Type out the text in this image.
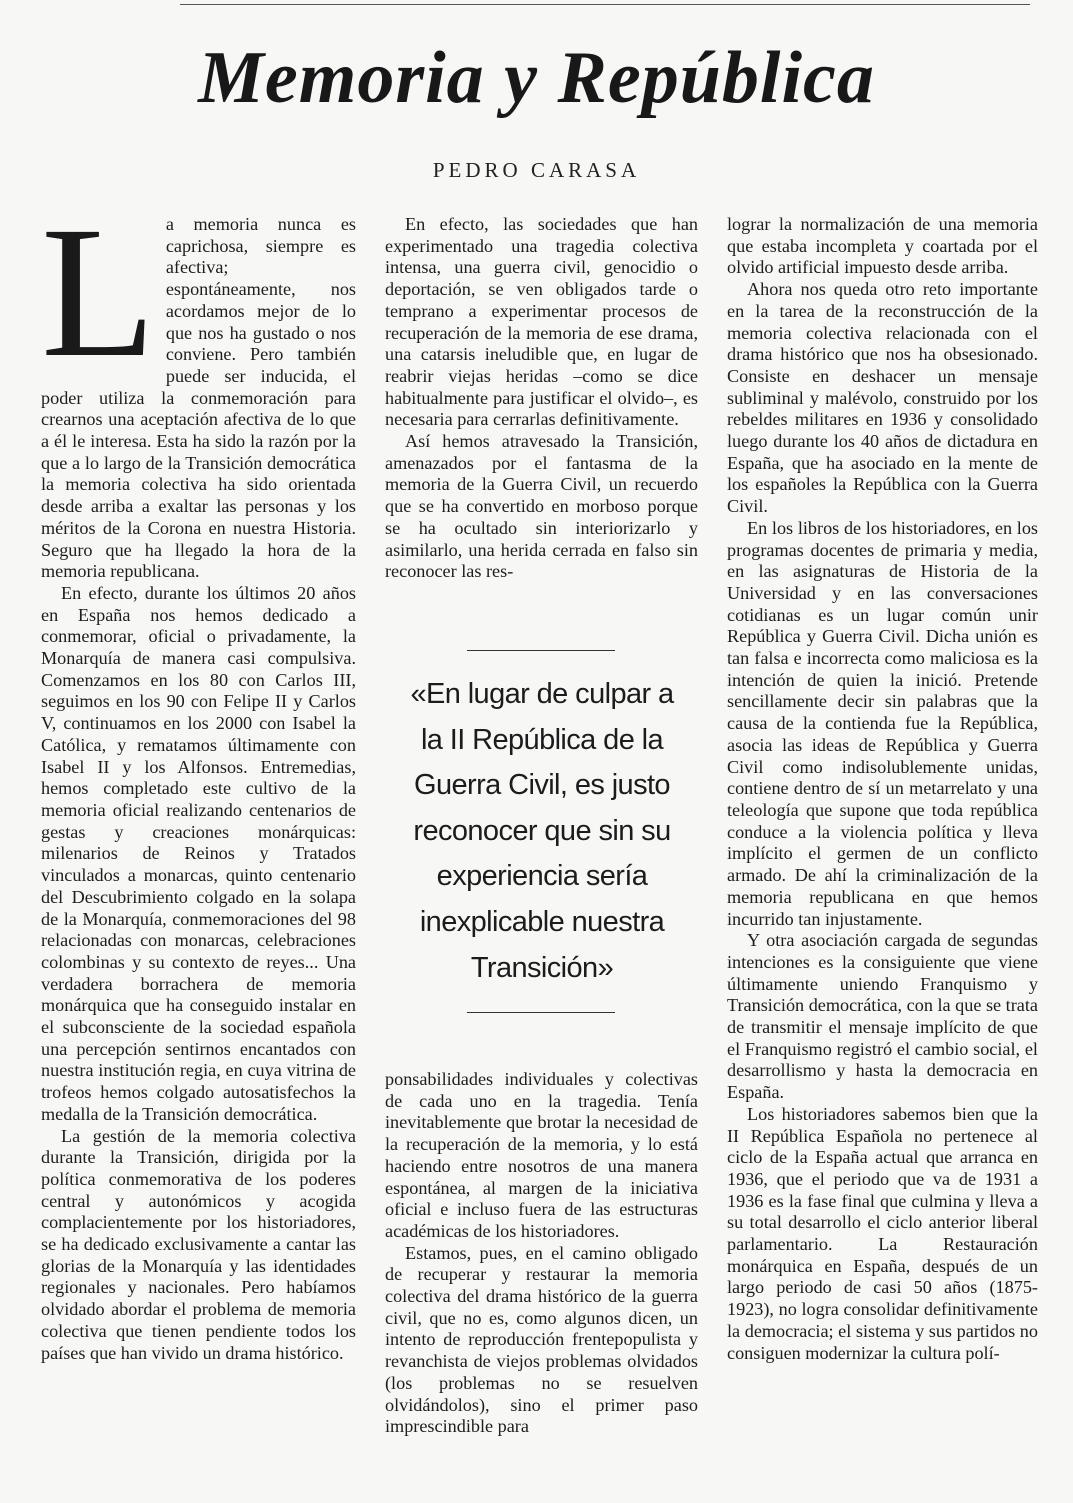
Memoria y República
PEDRO CARASA

La memoria nunca es caprichosa, siempre es afectiva; espontáneamente, nos acordamos mejor de lo que nos ha gustado o nos conviene. Pero también puede ser inducida, el poder utiliza la conmemoración para crearnos una aceptación afectiva de lo que a él le interesa. Esta ha sido la razón por la que a lo largo de la Transición democrática la memoria colectiva ha sido orientada desde arriba a exaltar las personas y los méritos de la Corona en nuestra Historia. Seguro que ha llegado la hora de la memoria republicana.

En efecto, durante los últimos 20 años en España nos hemos dedicado a conmemorar, oficial o privadamente, la Monarquía de manera casi compulsiva. Comenzamos en los 80 con Carlos III, seguimos en los 90 con Felipe II y Carlos V, continuamos en los 2000 con Isabel la Católica, y rematamos últimamente con Isabel II y los Alfonsos. Entremedias, hemos completado este cultivo de la memoria oficial realizando centenarios de gestas y creaciones monárquicas: milenarios de Reinos y Tratados vinculados a monarcas, quinto centenario del Descubrimiento colgado en la solapa de la Monarquía, conmemoraciones del 98 relacionadas con monarcas, celebraciones colombinas y su contexto de reyes... Una verdadera borrachera de memoria monárquica que ha conseguido instalar en el subconsciente de la sociedad española una percepción sentirnos encantados con nuestra institución regia, en cuya vitrina de trofeos hemos colgado autosatisfechos la medalla de la Transición democrática.

La gestión de la memoria colectiva durante la Transición, dirigida por la política conmemorativa de los poderes central y autonómicos y acogida complacientemente por los historiadores, se ha dedicado exclusivamente a cantar las glorias de la Monarquía y las identidades regionales y nacionales. Pero habíamos olvidado abordar el problema de memoria colectiva que tienen pendiente todos los países que han vivido un drama histórico.

En efecto, las sociedades que han experimentado una tragedia colectiva intensa, una guerra civil, genocidio o deportación, se ven obligados tarde o temprano a experimentar procesos de recuperación de la memoria de ese drama, una catarsis ineludible que, en lugar de reabrir viejas heridas –como se dice habitualmente para justificar el olvido–, es necesaria para cerrarlas definitivamente.

Así hemos atravesado la Transición, amenazados por el fantasma de la memoria de la Guerra Civil, un recuerdo que se ha convertido en morboso porque se ha ocultado sin interiorizarlo y asimilarlo, una herida cerrada en falso sin reconocer las res-

«En lugar de culpar a la II República de la Guerra Civil, es justo reconocer que sin su experiencia sería inexplicable nuestra Transición»

ponsabilidades individuales y colectivas de cada uno en la tragedia. Tenía inevitablemente que brotar la necesidad de la recuperación de la memoria, y lo está haciendo entre nosotros de una manera espontánea, al margen de la iniciativa oficial e incluso fuera de las estructuras académicas de los historiadores.

Estamos, pues, en el camino obligado de recuperar y restaurar la memoria colectiva del drama histórico de la guerra civil, que no es, como algunos dicen, un intento de reproducción frentepopulista y revanchista de viejos problemas olvidados (los problemas no se resuelven olvidándolos), sino el primer paso imprescindible para

lograr la normalización de una memoria que estaba incompleta y coartada por el olvido artificial impuesto desde arriba.

Ahora nos queda otro reto importante en la tarea de la reconstrucción de la memoria colectiva relacionada con el drama histórico que nos ha obsesionado. Consiste en deshacer un mensaje subliminal y malévolo, construido por los rebeldes militares en 1936 y consolidado luego durante los 40 años de dictadura en España, que ha asociado en la mente de los españoles la República con la Guerra Civil.

En los libros de los historiadores, en los programas docentes de primaria y media, en las asignaturas de Historia de la Universidad y en las conversaciones cotidianas es un lugar común unir República y Guerra Civil. Dicha unión es tan falsa e incorrecta como maliciosa es la intención de quien la inició. Pretende sencillamente decir sin palabras que la causa de la contienda fue la República, asocia las ideas de República y Guerra Civil como indisolublemente unidas, contiene dentro de sí un metarrelato y una teleología que supone que toda república conduce a la violencia política y lleva implícito el germen de un conflicto armado. De ahí la criminalización de la memoria republicana en que hemos incurrido tan injustamente.

Y otra asociación cargada de segundas intenciones es la consiguiente que viene últimamente uniendo Franquismo y Transición democrática, con la que se trata de transmitir el mensaje implícito de que el Franquismo registró el cambio social, el desarrollismo y hasta la democracia en España.

Los historiadores sabemos bien que la II República Española no pertenece al ciclo de la España actual que arranca en 1936, que el periodo que va de 1931 a 1936 es la fase final que culmina y lleva a su total desarrollo el ciclo anterior liberal parlamentario. La Restauración monárquica en España, después de un largo periodo de casi 50 años (1875-1923), no logra consolidar definitivamente la democracia; el sistema y sus partidos no consiguen modernizar la cultura polí-
